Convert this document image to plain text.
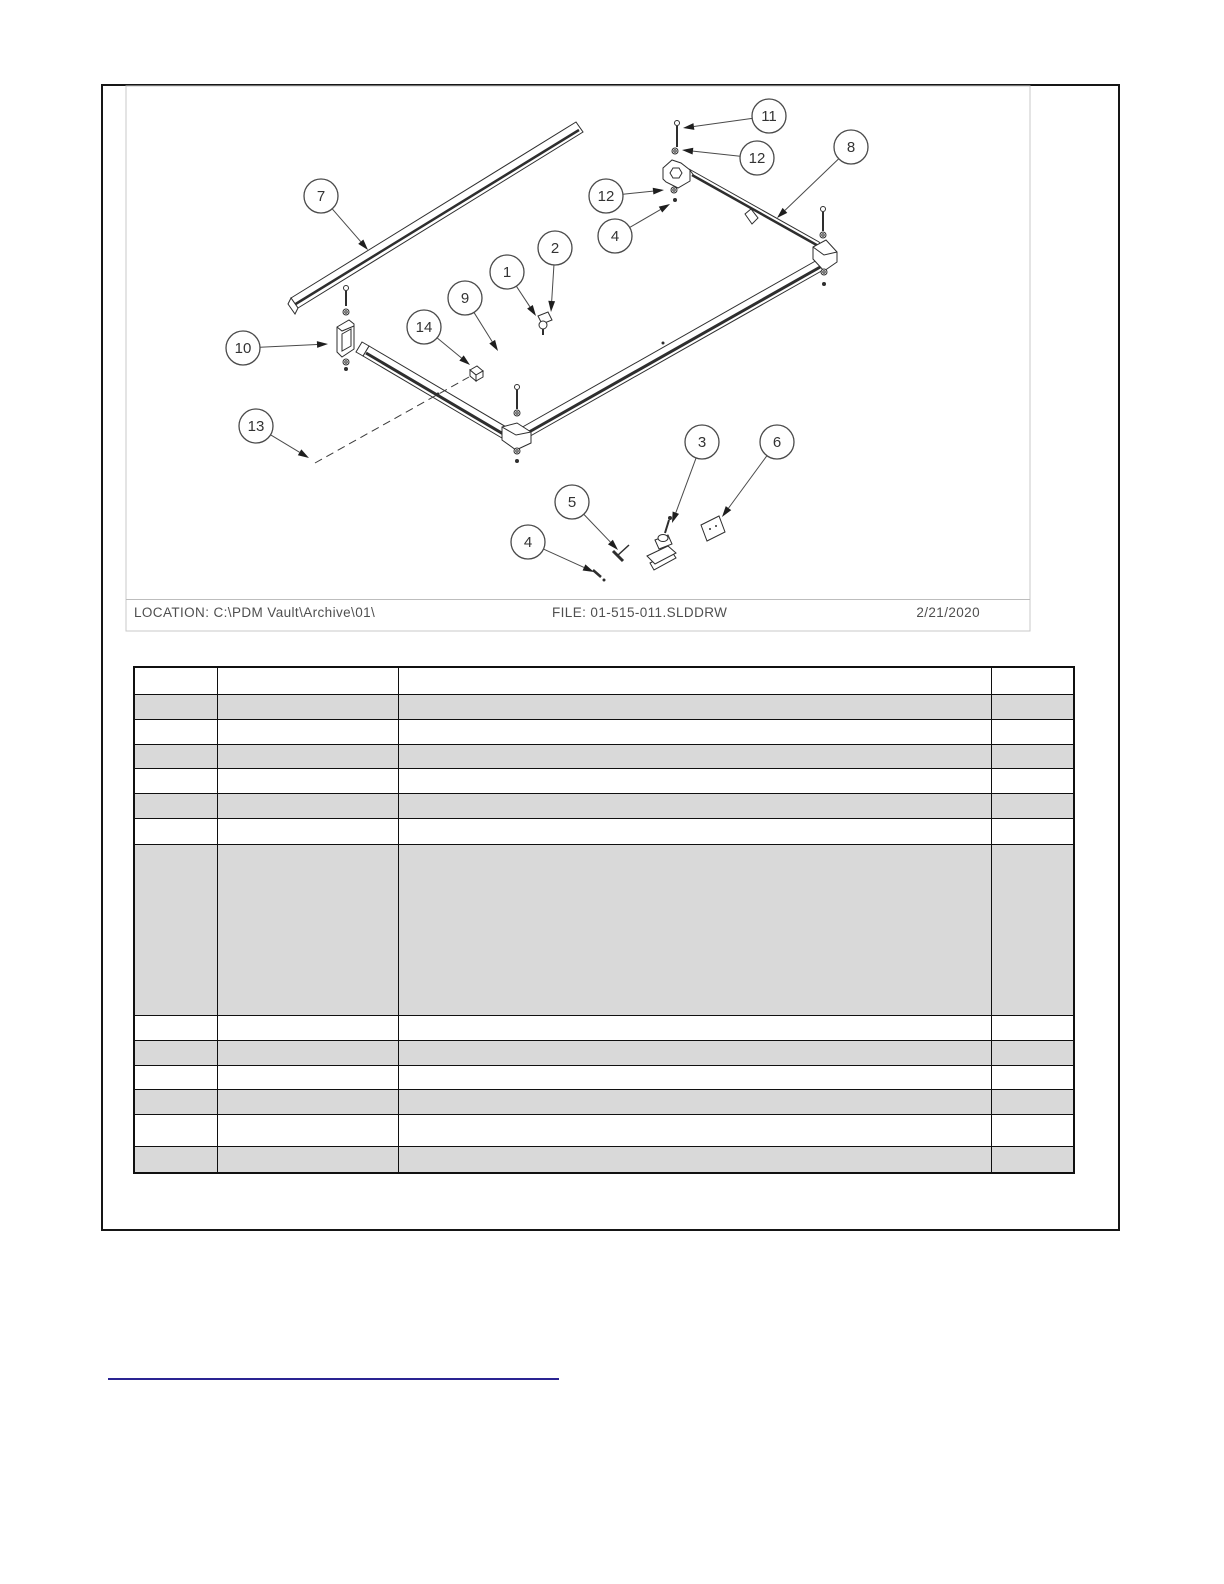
7
10
13
14
9
1
2
11
12
12
4
8
3	6
5
4
LOCATION: C:\PDM Vault\Archive\01\	FILE: 01-515-011.SLDDRW	2/21/2020
